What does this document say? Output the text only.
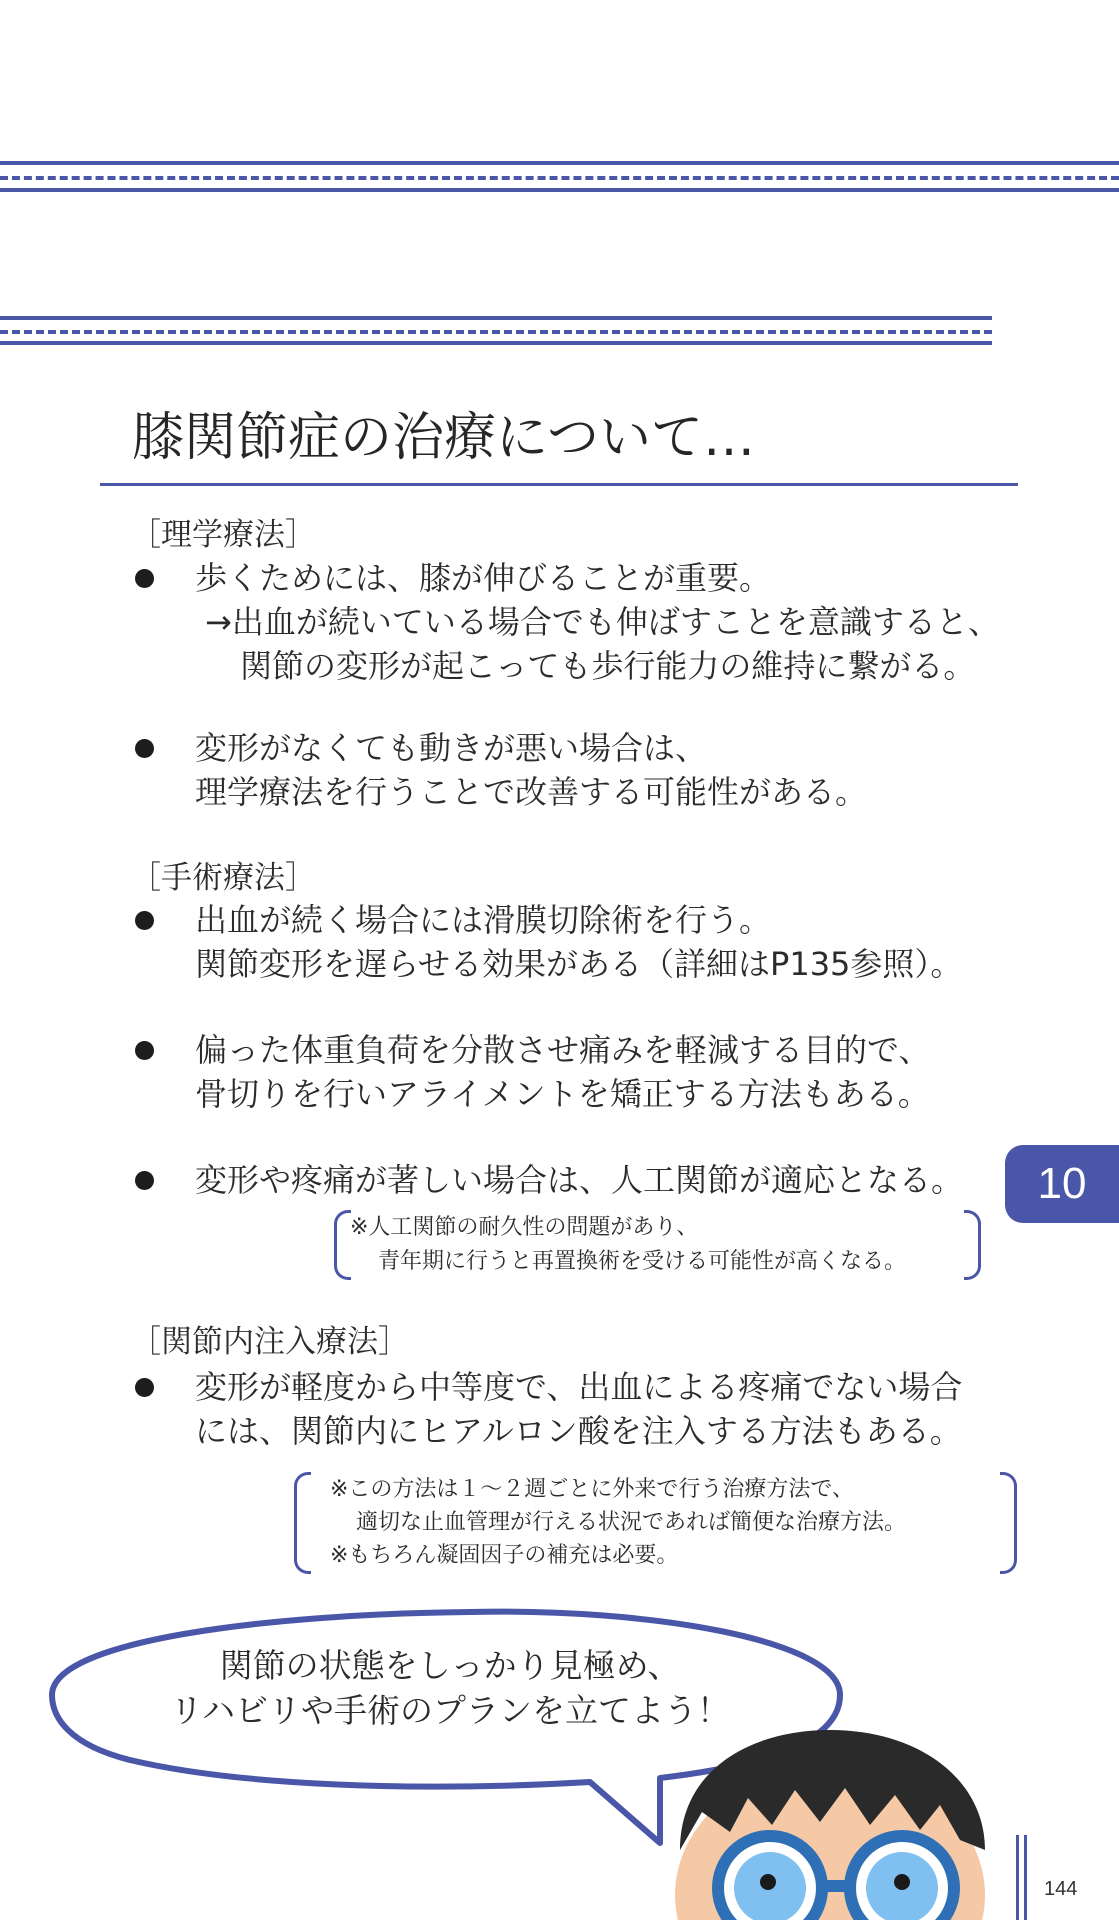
膝関節症の治療について…
［理学療法］
歩くためには、膝が伸びることが重要。
→出血が続いている場合でも伸ばすことを意識すると、
関節の変形が起こっても歩行能力の維持に繋がる。
変形がなくても動きが悪い場合は、
理学療法を行うことで改善する可能性がある。
［手術療法］
出血が続く場合には滑膜切除術を行う。
関節変形を遅らせる効果がある（詳細はP135参照）。
偏った体重負荷を分散させ痛みを軽減する目的で、
骨切りを行いアライメントを矯正する方法もある。
変形や疼痛が著しい場合は、人工関節が適応となる。
※人工関節の耐久性の問題があり、
青年期に行うと再置換術を受ける可能性が高くなる。
［関節内注入療法］
変形が軽度から中等度で、出血による疼痛でない場合
には、関節内にヒアルロン酸を注入する方法もある。
※この方法は１～２週ごとに外来で行う治療方法で、
適切な止血管理が行える状況であれば簡便な治療方法。
※もちろん凝固因子の補充は必要。
10
関節の状態をしっかり見極め、
リハビリや手術のプランを立てよう！
144
